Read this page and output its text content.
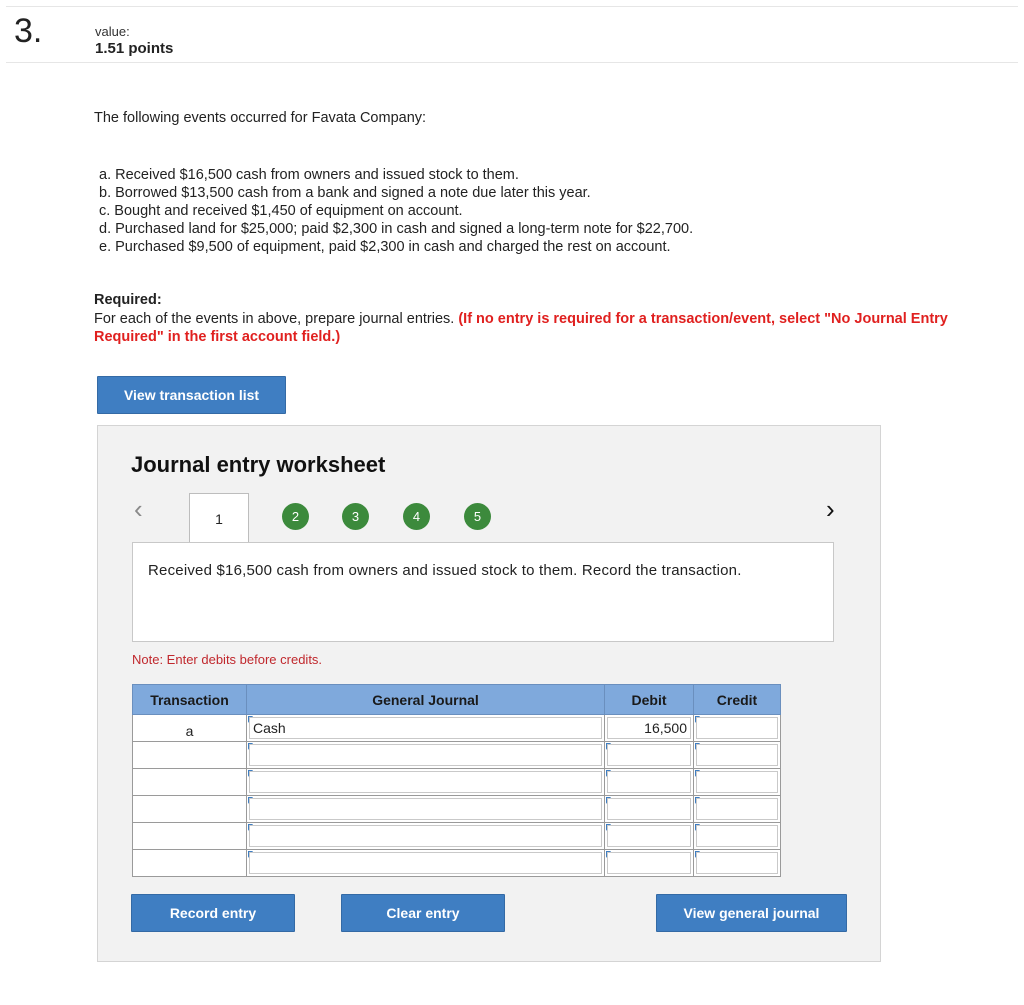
3.	value:
1.51 points
The following events occurred for Favata Company:
a. Received $16,500 cash from owners and issued stock to them.
b. Borrowed $13,500 cash from a bank and signed a note due later this year.
c. Bought and received $1,450 of equipment on account.
d. Purchased land for $25,000; paid $2,300 in cash and signed a long-term note for $22,700.
e. Purchased $9,500 of equipment, paid $2,300 in cash and charged the rest on account.
Required:
For each of the events in above, prepare journal entries. (If no entry is required for a transaction/event, select "No Journal Entry Required" in the first account field.)
View transaction list
Journal entry worksheet
‹	1	2	3	4	5	›
Received $16,500 cash from owners and issued stock to them. Record the transaction.
Note: Enter debits before credits.
Transaction	General Journal	Debit	Credit

a	Cash	16,500	

Record entry	Clear entry	View general journal
